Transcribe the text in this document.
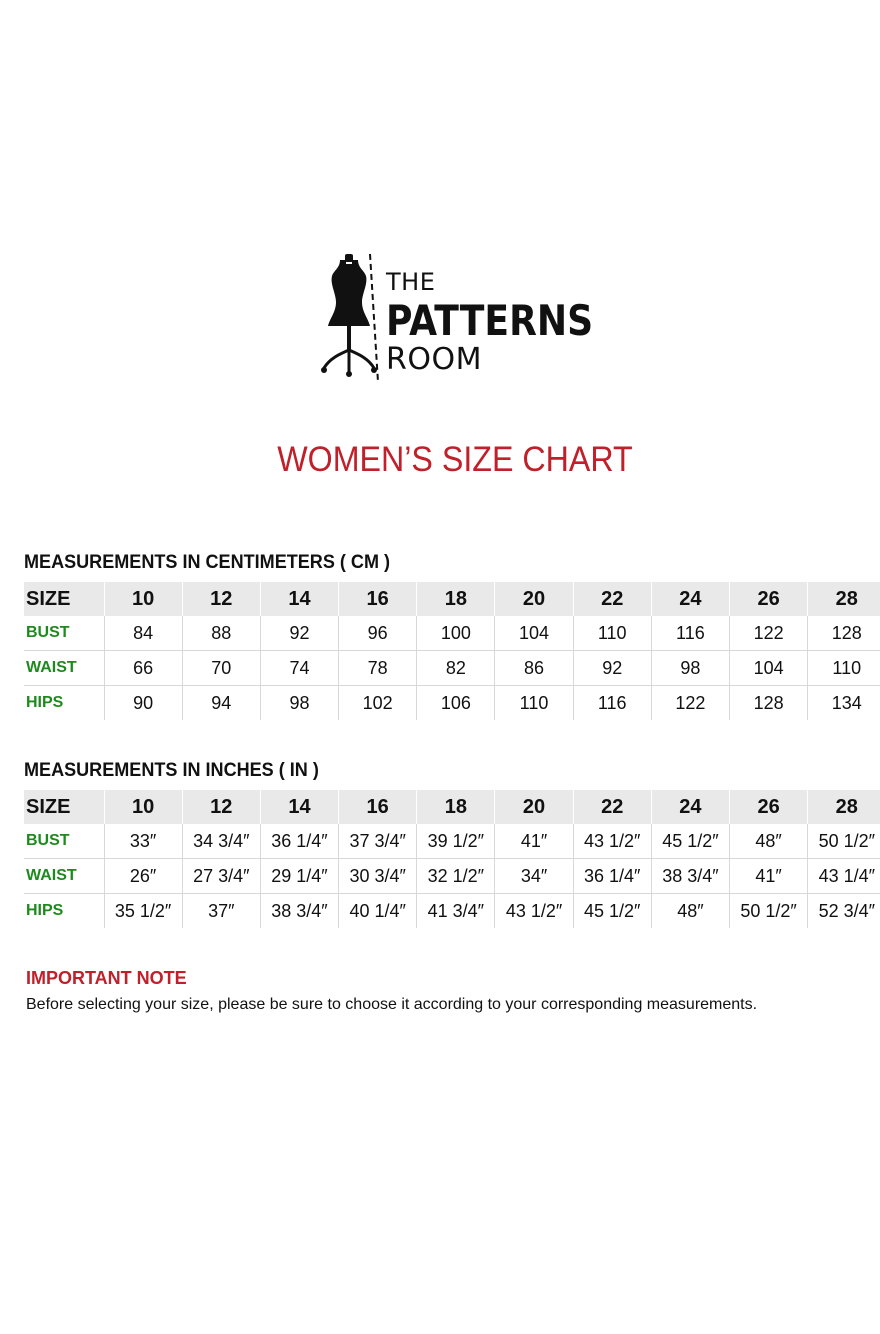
THE
PATTERNS
ROOM
WOMEN’S SIZE CHART
MEASUREMENTS IN CENTIMETERS ( CM )
SIZE	10	12	14	16	18	20	22	24	26	28
BUST	84	88	92	96	100	104	110	116	122	128
WAIST	66	70	74	78	82	86	92	98	104	110
HIPS	90	94	98	102	106	110	116	122	128	134
MEASUREMENTS IN INCHES ( IN )
SIZE	10	12	14	16	18	20	22	24	26	28
BUST	33″	34 3/4″	36 1/4″	37 3/4″	39 1/2″	41″	43 1/2″	45 1/2″	48″	50 1/2″
WAIST	26″	27 3/4″	29 1/4″	30 3/4″	32 1/2″	34″	36 1/4″	38 3/4″	41″	43 1/4″
HIPS	35 1/2″	37″	38 3/4″	40 1/4″	41 3/4″	43 1/2″	45 1/2″	48″	50 1/2″	52 3/4″
IMPORTANT NOTE
Before selecting your size, please be sure to choose it according to your corresponding measurements.
